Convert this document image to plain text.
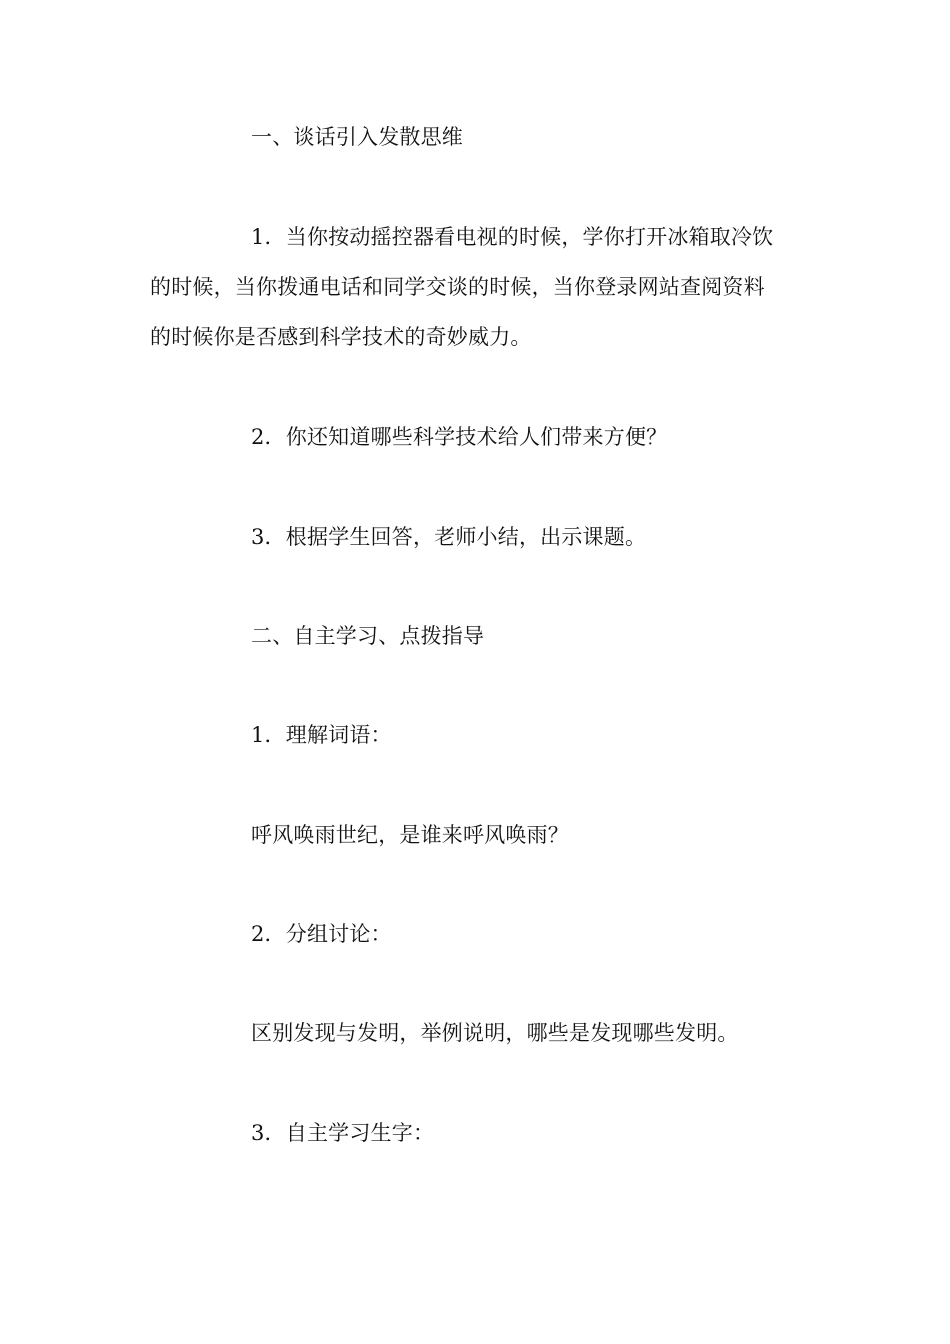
一、谈话引入发散思维
1．当你按动摇控器看电视的时候，学你打开冰箱取冷饮
的时候，当你拨通电话和同学交谈的时候，当你登录网站查阅资料
的时候你是否感到科学技术的奇妙威力。
2．你还知道哪些科学技术给人们带来方便？
3．根据学生回答，老师小结，出示课题。
二、自主学习、点拨指导
1．理解词语：
呼风唤雨世纪，是谁来呼风唤雨？
2．分组讨论：
区别发现与发明，举例说明，哪些是发现哪些发明。
3．自主学习生字：
